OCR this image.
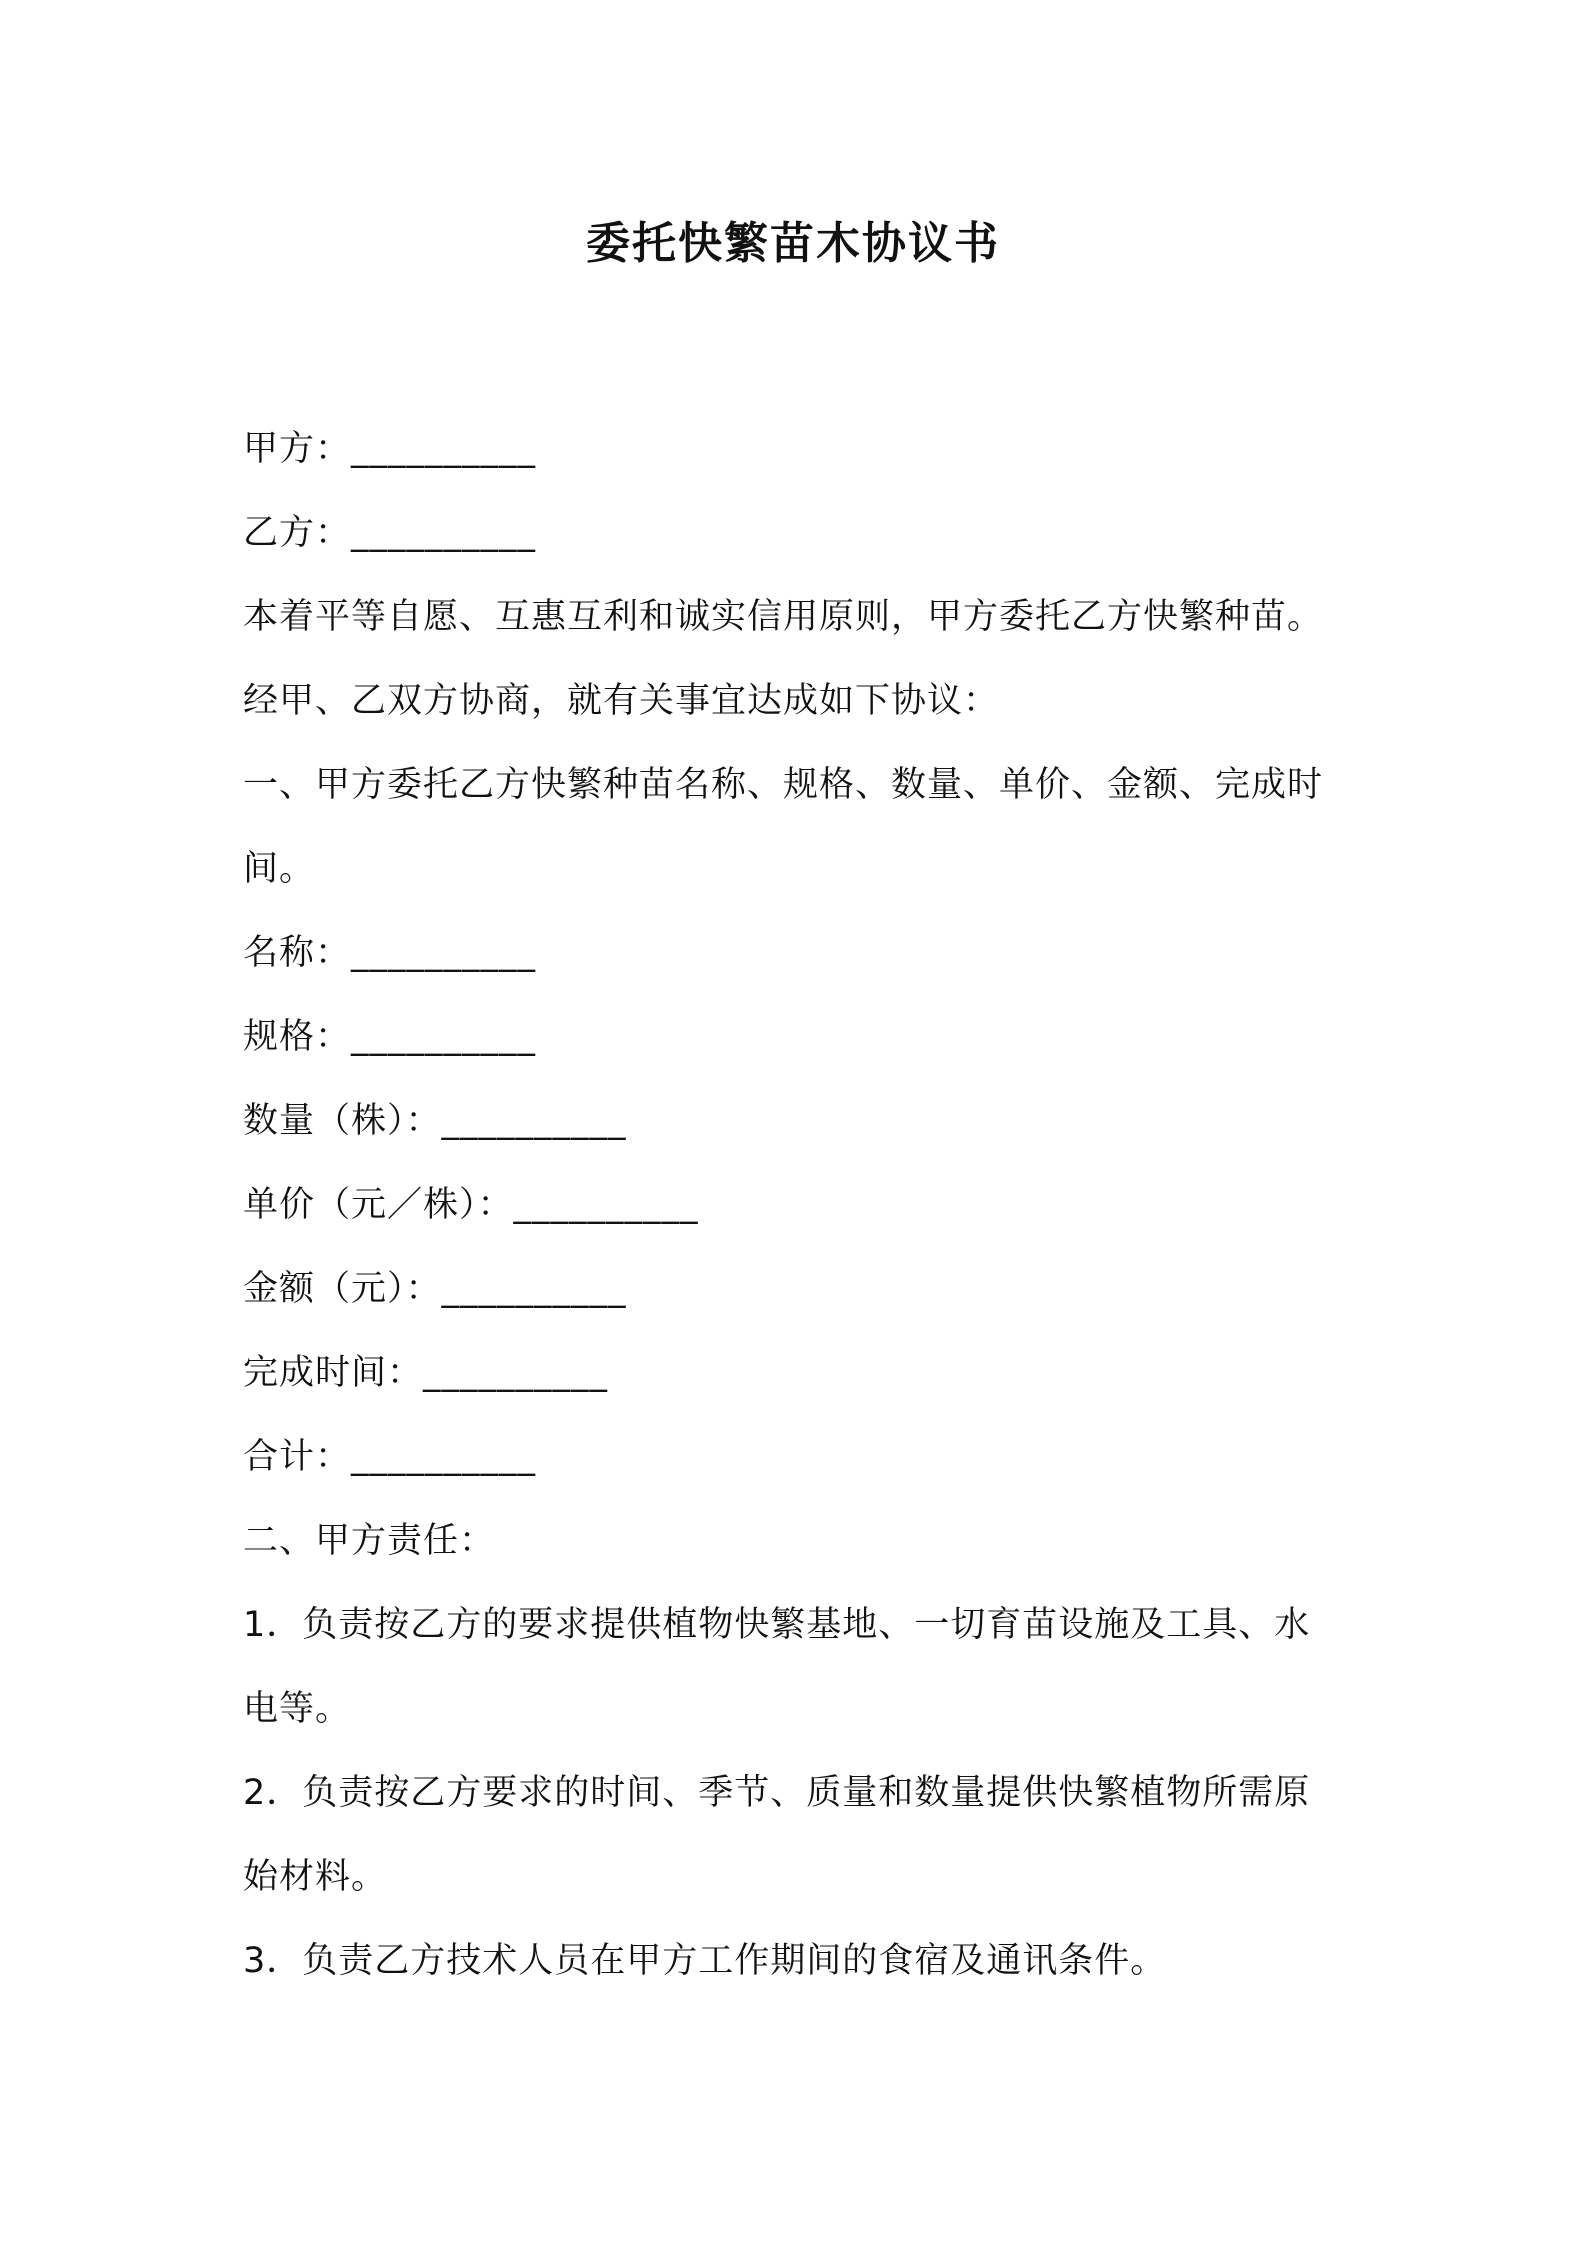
委托快繁苗木协议书
甲方：__________
乙方：__________
本着平等自愿、互惠互利和诚实信用原则，甲方委托乙方快繁种苗。
经甲、乙双方协商，就有关事宜达成如下协议：
一、甲方委托乙方快繁种苗名称、规格、数量、单价、金额、完成时
间。
名称：__________
规格：__________
数量（株）：__________
单价（元／株）：__________
金额（元）：__________
完成时间：__________
合计：__________
二、甲方责任：
1．负责按乙方的要求提供植物快繁基地、一切育苗设施及工具、水
电等。
2．负责按乙方要求的时间、季节、质量和数量提供快繁植物所需原
始材料。
3．负责乙方技术人员在甲方工作期间的食宿及通讯条件。
